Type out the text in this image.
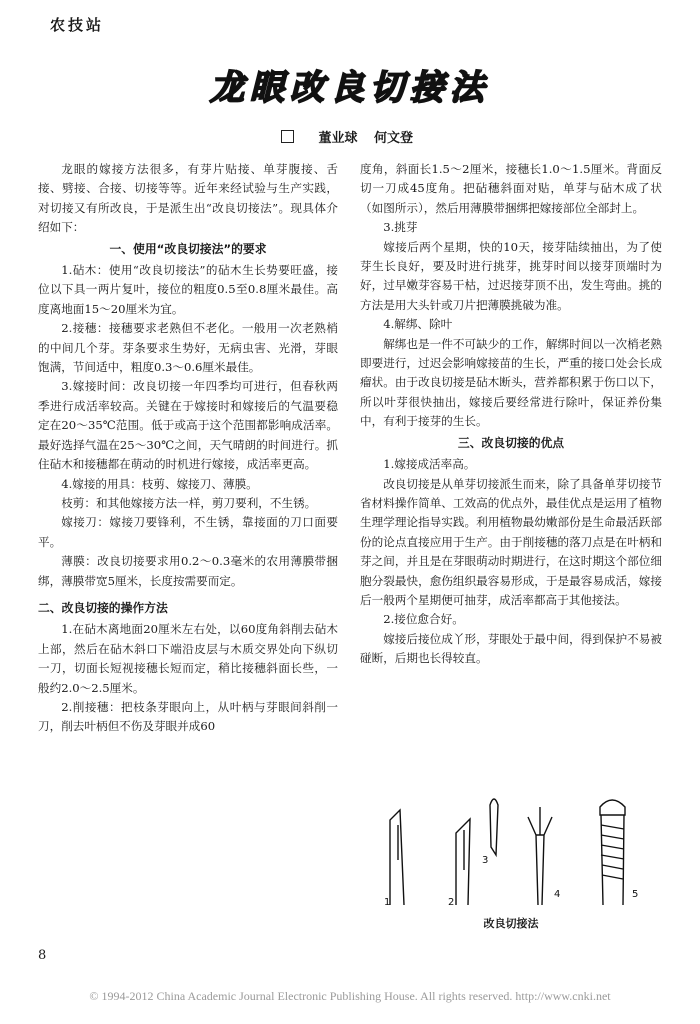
农技站
龙眼改良切接法
董业球 何文登

龙眼的嫁接方法很多，有芽片贴接、单芽腹接、舌接、劈接、合接、切接等等。近年来经试验与生产实践，对切接又有所改良，于是派生出“改良切接法”。现具体介绍如下：

一、使用“改良切接法”的要求

1.砧木：使用“改良切接法”的砧木生长势要旺盛，接位以下具一两片复叶，接位的粗度0.5至0.8厘米最佳。高度离地面15～20厘米为宜。

2.接穗：接穗要求老熟但不老化。一般用一次老熟梢的中间几个芽。芽条要求生势好，无病虫害、光滑，芽眼饱满，节间适中，粗度0.3～0.6厘米最佳。

3.嫁接时间：改良切接一年四季均可进行，但春秋两季进行成活率较高。关键在于嫁接时和嫁接后的气温要稳定在20～35℃范围。低于或高于这个范围都影响成活率。最好选择气温在25～30℃之间，天气晴朗的时间进行。抓住砧木和接穗都在萌动的时机进行嫁接，成活率更高。

4.嫁接的用具：枝剪、嫁接刀、薄膜。

枝剪：和其他嫁接方法一样，剪刀要利，不生锈。

嫁接刀：嫁接刀要锋利，不生锈，靠接面的刀口面要平。

薄膜：改良切接要求用0.2～0.3毫米的农用薄膜带捆绑，薄膜带宽5厘米，长度按需要而定。

二、改良切接的操作方法

1.在砧木离地面20厘米左右处，以60度角斜削去砧木上部，然后在砧木斜口下端沿皮层与木质交界处向下纵切一刀，切面长短视接穗长短而定，稍比接穗斜面长些，一般约2.0～2.5厘米。

2.削接穗：把枝条芽眼向上，从叶柄与芽眼间斜削一刀，削去叶柄但不伤及芽眼并成60

度角，斜面长1.5～2厘米，接穗长1.0～1.5厘米。背面反切一刀成45度角。把砧穗斜面对贴，单芽与砧木成了状（如图所示），然后用薄膜带捆绑把嫁接部位全部封上。

3.挑芽

嫁接后两个星期，快的10天，接芽陆续抽出，为了使芽生长良好，要及时进行挑芽，挑芽时间以接芽顶端时为好，过早嫩芽容易干枯，过迟接芽顶不出，发生弯曲。挑的方法是用大头针或刀片把薄膜挑破为准。

4.解绑、除叶

解绑也是一件不可缺少的工作，解绑时间以一次梢老熟即要进行，过迟会影响嫁接苗的生长，严重的接口处会长成瘤状。由于改良切接是砧木断头，营养都积累于伤口以下，所以叶芽很快抽出，嫁接后要经常进行除叶，保证养份集中，有利于接芽的生长。

三、改良切接的优点
1.嫁接成活率高。

改良切接是从单芽切接派生而来，除了具备单芽切接节省材料操作简单、工效高的优点外，最佳优点是运用了植物生理学理论指导实践。利用植物最幼嫩部份是生命最活跃部份的论点直接应用于生产。由于削接穗的落刀点是在叶柄和芽之间，并且是在芽眼萌动时期进行，在这时期这个部位细胞分裂最快，愈伤组织最容易形成，于是最容易成活，嫁接后一般两个星期便可抽芽，成活率都高于其他接法。

2.接位愈合好。

嫁接后接位成丫形，芽眼处于最中间，得到保护不易被碰断，后期也长得较直。

1	2
3
4	5
改良切接法
8
© 1994-2012 China Academic Journal Electronic Publishing House. All rights reserved. http://www.cnki.net
